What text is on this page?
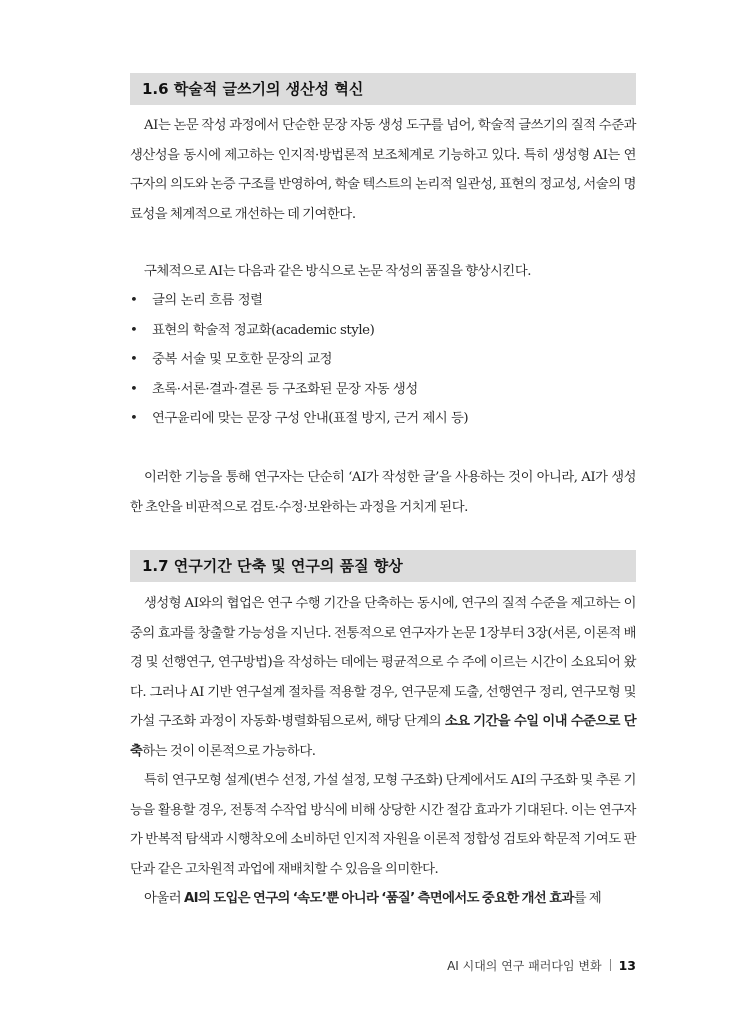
1.6 학술적 글쓰기의 생산성 혁신

AI는 논문 작성 과정에서 단순한 문장 자동 생성 도구를 넘어, 학술적 글쓰기의 질적 수준과 생산성을 동시에 제고하는 인지적·방법론적 보조체계로 기능하고 있다. 특히 생성형 AI는 연구자의 의도와 논증 구조를 반영하여, 학술 텍스트의 논리적 일관성, 표현의 정교성, 서술의 명료성을 체계적으로 개선하는 데 기여한다.

구체적으로 AI는 다음과 같은 방식으로 논문 작성의 품질을 향상시킨다.

• 글의 논리 흐름 정렬
• 표현의 학술적 정교화(academic style)
• 중복 서술 및 모호한 문장의 교정
• 초록·서론·결과·결론 등 구조화된 문장 자동 생성
• 연구윤리에 맞는 문장 구성 안내(표절 방지, 근거 제시 등)

이러한 기능을 통해 연구자는 단순히 ‘AI가 작성한 글’을 사용하는 것이 아니라, AI가 생성한 초안을 비판적으로 검토·수정·보완하는 과정을 거치게 된다.

1.7 연구기간 단축 및 연구의 품질 향상

생성형 AI와의 협업은 연구 수행 기간을 단축하는 동시에, 연구의 질적 수준을 제고하는 이중의 효과를 창출할 가능성을 지닌다. 전통적으로 연구자가 논문 1장부터 3장(서론, 이론적 배경 및 선행연구, 연구방법)을 작성하는 데에는 평균적으로 수 주에 이르는 시간이 소요되어 왔다. 그러나 AI 기반 연구설계 절차를 적용할 경우, 연구문제 도출, 선행연구 정리, 연구모형 및 가설 구조화 과정이 자동화·병렬화됨으로써, 해당 단계의 소요 기간을 수일 이내 수준으로 단축하는 것이 이론적으로 가능하다.

특히 연구모형 설계(변수 선정, 가설 설정, 모형 구조화) 단계에서도 AI의 구조화 및 추론 기능을 활용할 경우, 전통적 수작업 방식에 비해 상당한 시간 절감 효과가 기대된다. 이는 연구자가 반복적 탐색과 시행착오에 소비하던 인지적 자원을 이론적 정합성 검토와 학문적 기여도 판단과 같은 고차원적 과업에 재배치할 수 있음을 의미한다.

아울러 AI의 도입은 연구의 ‘속도’뿐 아니라 ‘품질’ 측면에서도 중요한 개선 효과를 제

AI 시대의 연구 패러다임 변화 13
